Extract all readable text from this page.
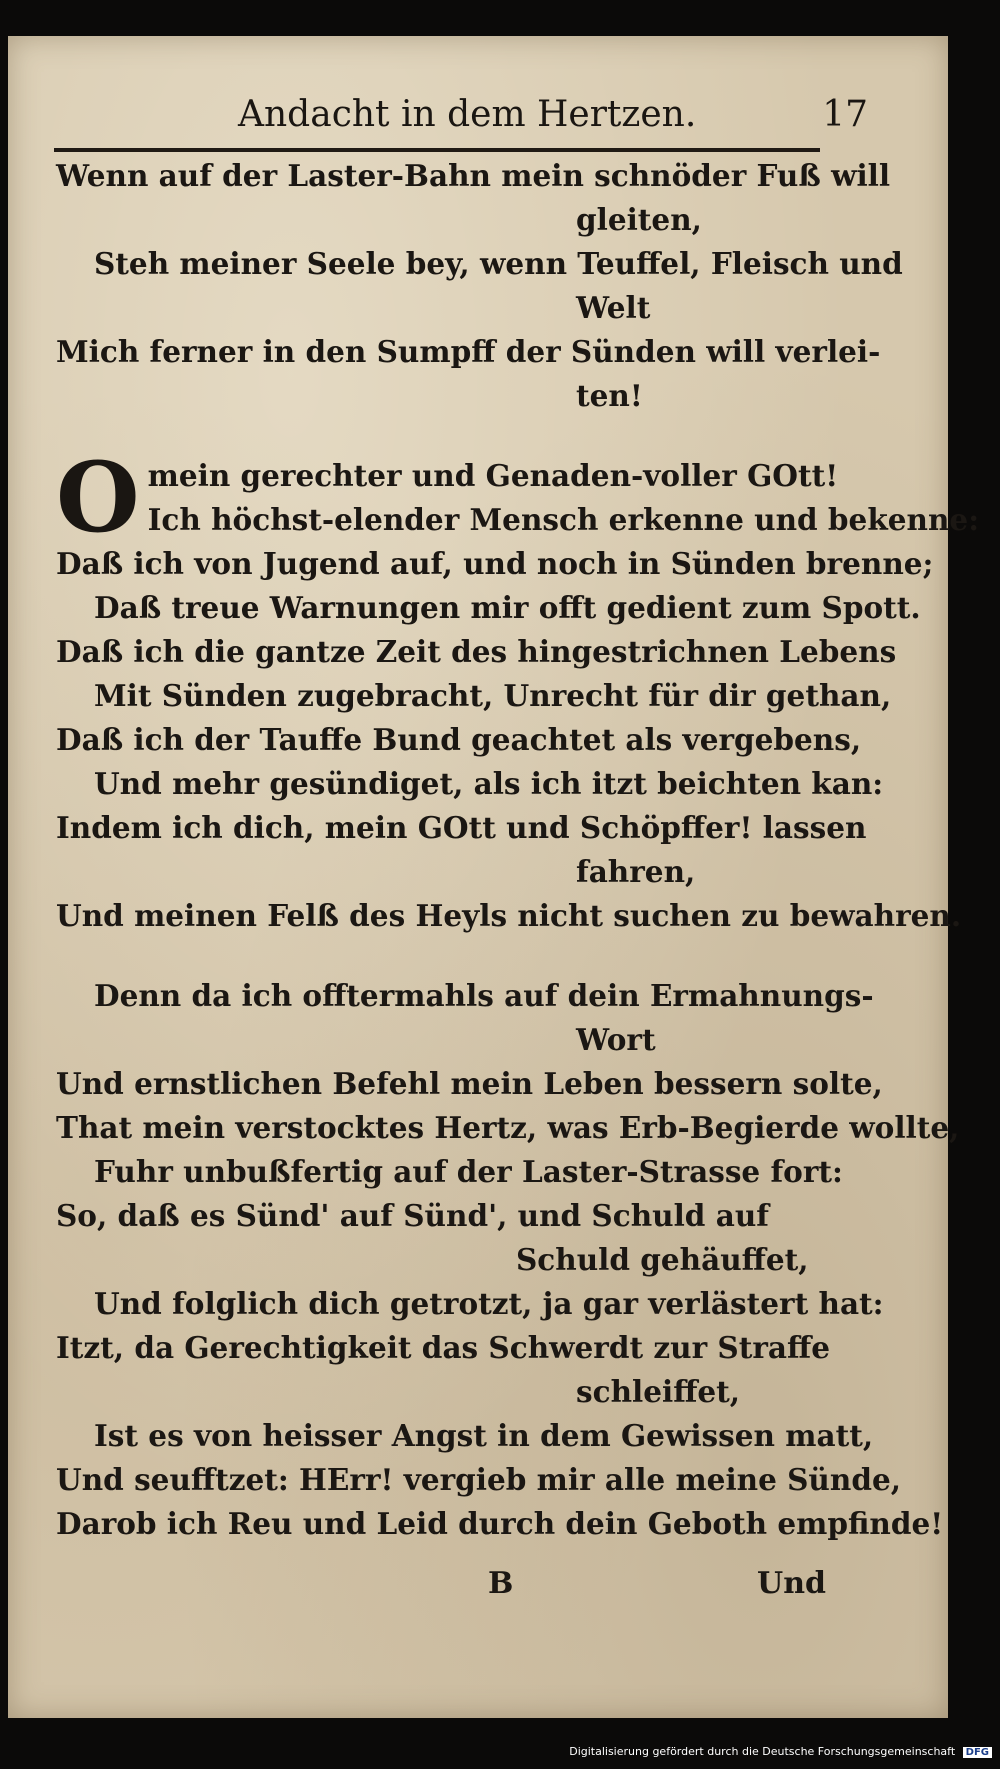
Andacht in dem Hertzen.	17
Wenn auf der Laster-Bahn mein schnöder Fuß will
gleiten,
Steh meiner Seele bey, wenn Teuffel, Fleisch und
Welt
Mich ferner in den Sumpff der Sünden will verlei-
ten!
O mein gerechter und Genaden-voller GOtt!
Ich höchst-elender Mensch erkenne und bekenne:
Daß ich von Jugend auf, und noch in Sünden brenne;
Daß treue Warnungen mir offt gedient zum Spott.
Daß ich die gantze Zeit des hingestrichnen Lebens
Mit Sünden zugebracht, Unrecht für dir gethan,
Daß ich der Tauffe Bund geachtet als vergebens,
Und mehr gesündiget, als ich itzt beichten kan:
Indem ich dich, mein GOtt und Schöpffer! lassen
fahren,
Und meinen Felß des Heyls nicht suchen zu bewahren.
Denn da ich offtermahls auf dein Ermahnungs-
Wort
Und ernstlichen Befehl mein Leben bessern solte,
That mein verstocktes Hertz, was Erb-Begierde wollte,
Fuhr unbußfertig auf der Laster-Strasse fort:
So, daß es Sünd' auf Sünd', und Schuld auf
Schuld gehäuffet,
Und folglich dich getrotzt, ja gar verlästert hat:
Itzt, da Gerechtigkeit das Schwerdt zur Straffe
schleiffet,
Ist es von heisser Angst in dem Gewissen matt,
Und seufftzet: HErr! vergieb mir alle meine Sünde,
Darob ich Reu und Leid durch dein Geboth empfinde!
B	Und
Digitalisierung gefördert durch die Deutsche Forschungsgemeinschaft DFG
